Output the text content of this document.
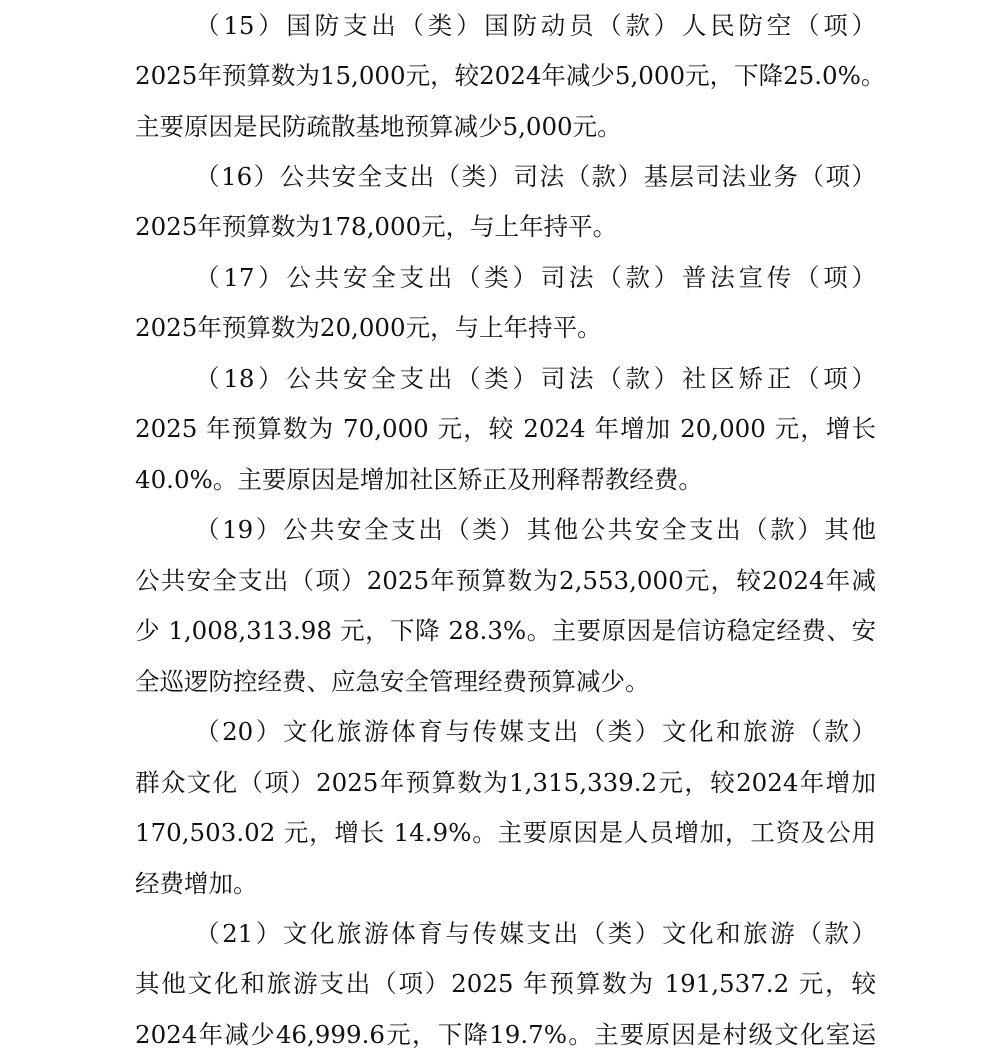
（15）国防支出（类）国防动员（款）人民防空（项）
2025年预算数为15,000元，较2024年减少5,000元，下降25.0%。
主要原因是民防疏散基地预算减少5,000元。
（16）公共安全支出（类）司法（款）基层司法业务（项）
2025年预算数为178,000元，与上年持平。
（17）公共安全支出（类）司法（款）普法宣传（项）
2025年预算数为20,000元，与上年持平。
（18）公共安全支出（类）司法（款）社区矫正（项）
2025 年预算数为 70,000 元，较 2024 年增加 20,000 元，增长
40.0%。主要原因是增加社区矫正及刑释帮教经费。
（19）公共安全支出（类）其他公共安全支出（款）其他
公共安全支出（项）2025年预算数为2,553,000元，较2024年减
少 1,008,313.98 元，下降 28.3%。主要原因是信访稳定经费、安
全巡逻防控经费、应急安全管理经费预算减少。
（20）文化旅游体育与传媒支出（类）文化和旅游（款）
群众文化（项）2025年预算数为1,315,339.2元，较2024年增加
170,503.02 元，增长 14.9%。主要原因是人员增加，工资及公用
经费增加。
（21）文化旅游体育与传媒支出（类）文化和旅游（款）
其他文化和旅游支出（项）2025 年预算数为 191,537.2 元，较
2024年减少46,999.6元，下降19.7%。主要原因是村级文化室运
